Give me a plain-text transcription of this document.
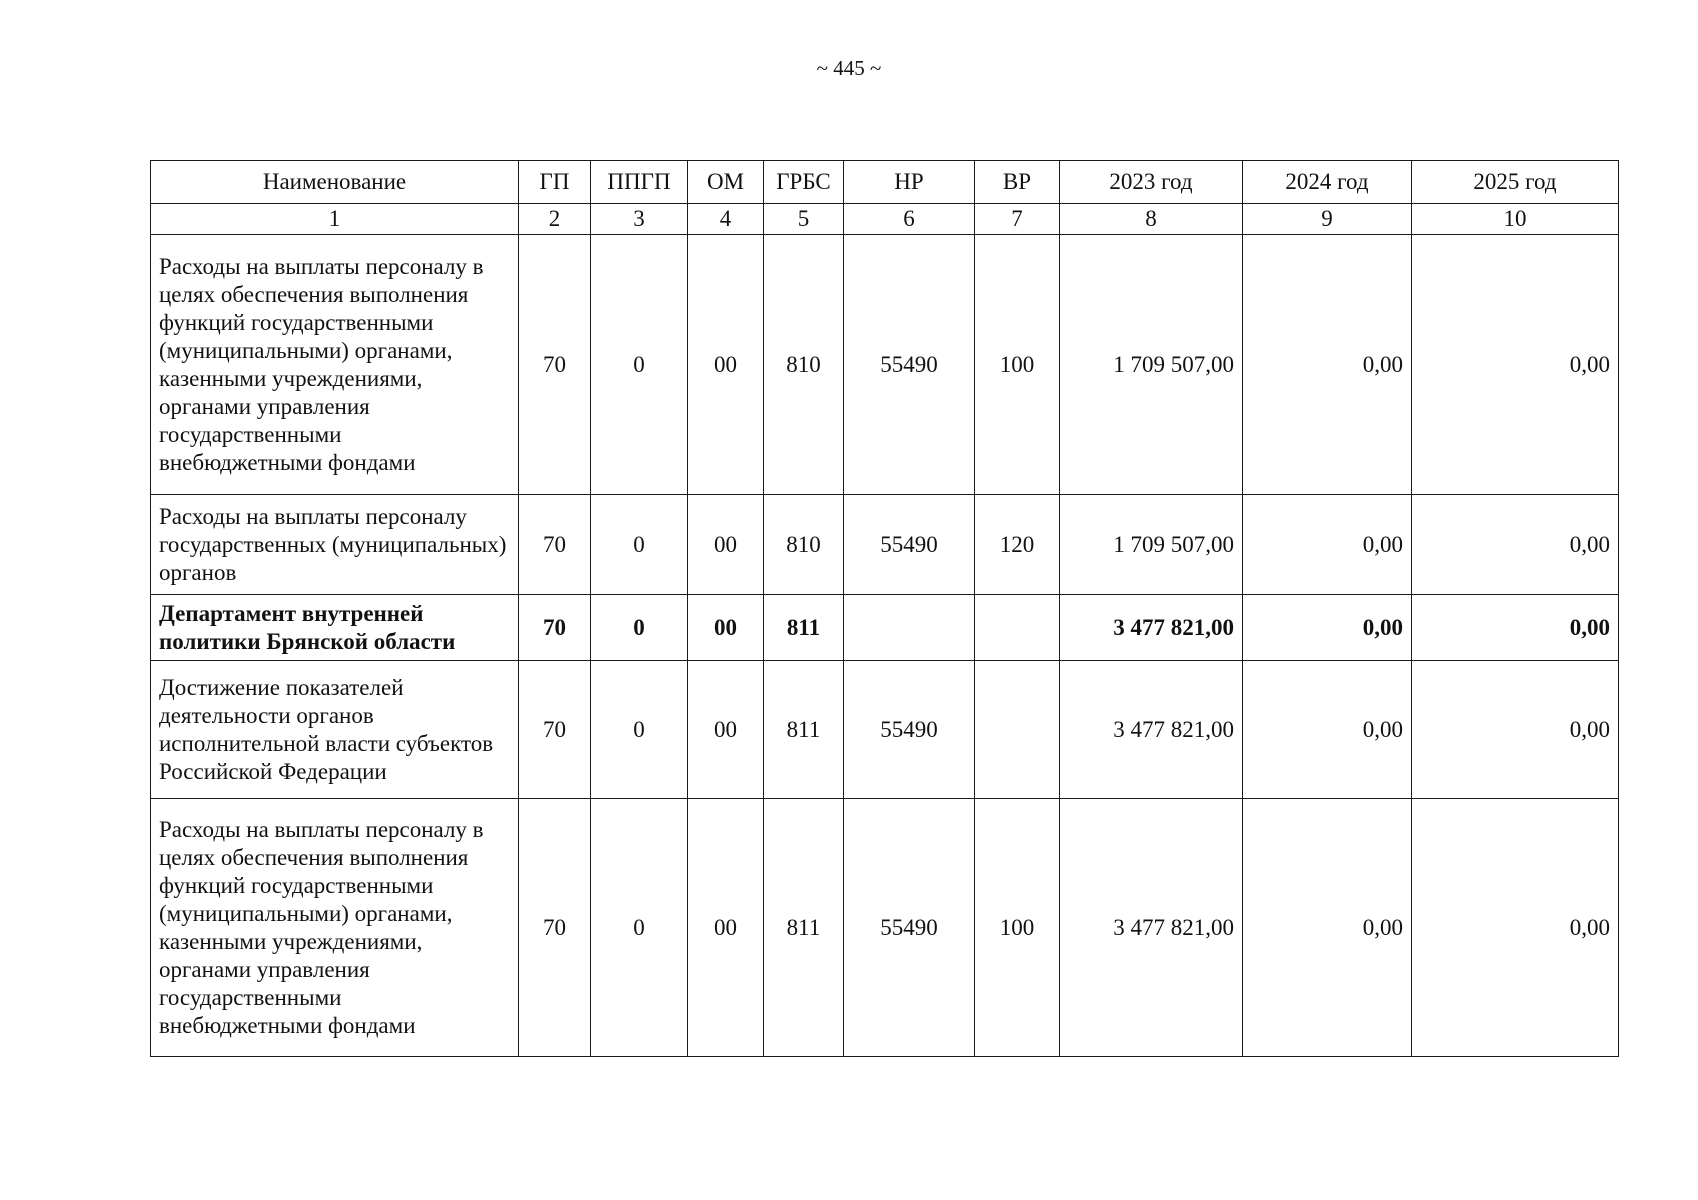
~ 445 ~
Наименование	ГП	ППГП	ОМ	ГРБС	НР	ВР	2023 год	2024 год	2025 год
1	2	3	4	5	6	7	8	9	10
Расходы на выплаты персоналу в целях обеспечения выполнения функций государственными (муниципальными) органами, казенными учреждениями, органами управления государственными внебюджетными фондами	70	0	00	810	55490	100	1 709 507,00	0,00	0,00
Расходы на выплаты персоналу государственных (муниципальных) органов	70	0	00	810	55490	120	1 709 507,00	0,00	0,00
Департамент внутренней политики Брянской области	70	0	00	811			3 477 821,00	0,00	0,00
Достижение показателей деятельности органов исполнительной власти субъектов Российской Федерации	70	0	00	811	55490		3 477 821,00	0,00	0,00
Расходы на выплаты персоналу в целях обеспечения выполнения функций государственными (муниципальными) органами, казенными учреждениями, органами управления государственными внебюджетными фондами	70	0	00	811	55490	100	3 477 821,00	0,00	0,00
